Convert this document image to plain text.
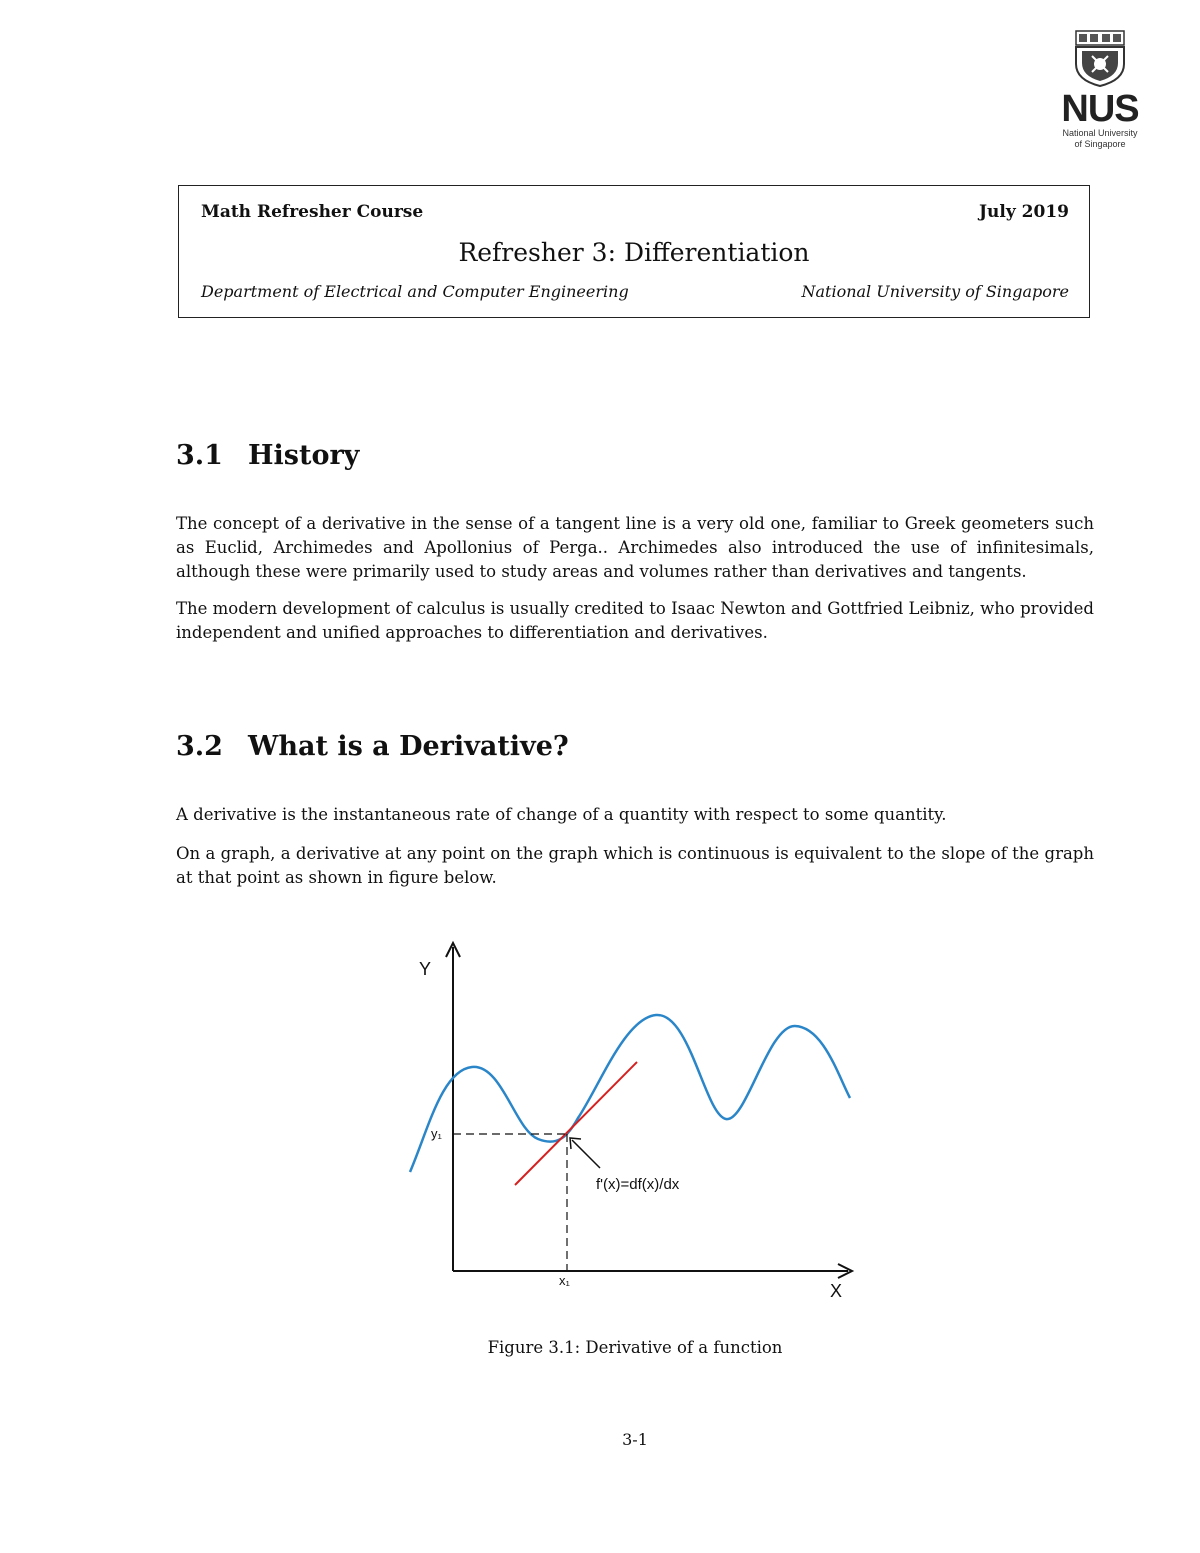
NUS
National University
of Singapore
Math Refresher Course	July 2019
Refresher 3: Differentiation
Department of Electrical and Computer Engineering	National University of Singapore
3.1 History

The concept of a derivative in the sense of a tangent line is a very old one, familiar to Greek geometers such as Euclid, Archimedes and Apollonius of Perga.. Archimedes also introduced the use of infinitesimals, although these were primarily used to study areas and volumes rather than derivatives and tangents.

The modern development of calculus is usually credited to Isaac Newton and Gottfried Leibniz, who provided independent and unified approaches to differentiation and derivatives.

3.2 What is a Derivative?

A derivative is the instantaneous rate of change of a quantity with respect to some quantity.

On a graph, a derivative at any point on the graph which is continuous is equivalent to the slope of the graph at that point as shown in figure below.

Y
X
y₁
x₁
f'(x)=df(x)/dx
Figure 3.1: Derivative of a function
3-1
